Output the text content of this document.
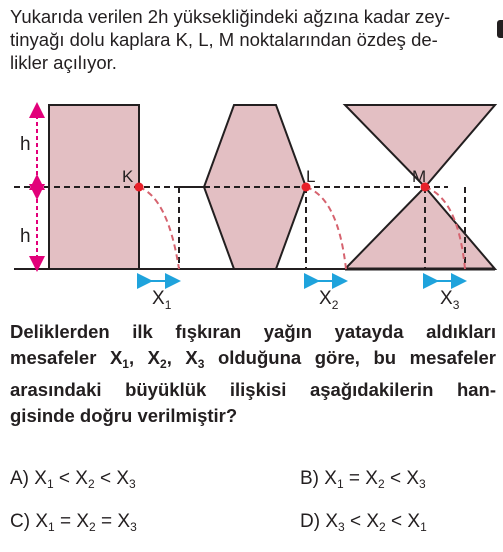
Yukarıda verilen 2h yüksekliğindeki ağzına kadar zey-
tinyağı dolu kaplara K, L, M noktalarından özdeş de-
likler açılıyor.

h
h
K	L	M
$X_1$	$X_2$	$X_3$

Deliklerden ilk fışkıran yağın yatayda aldıkları
mesafeler $X_1$, $X_2$, $X_3$ olduğuna göre, bu mesafeler
arasındaki büyüklük ilişkisi aşağıdakilerin han-
gisinde doğru verilmiştir?

A) $X_1 < X_2 < X_3$	B) $X_1 = X_2 < X_3$
C) $X_1 = X_2 = X_3$	D) $X_3 < X_2 < X_1$
